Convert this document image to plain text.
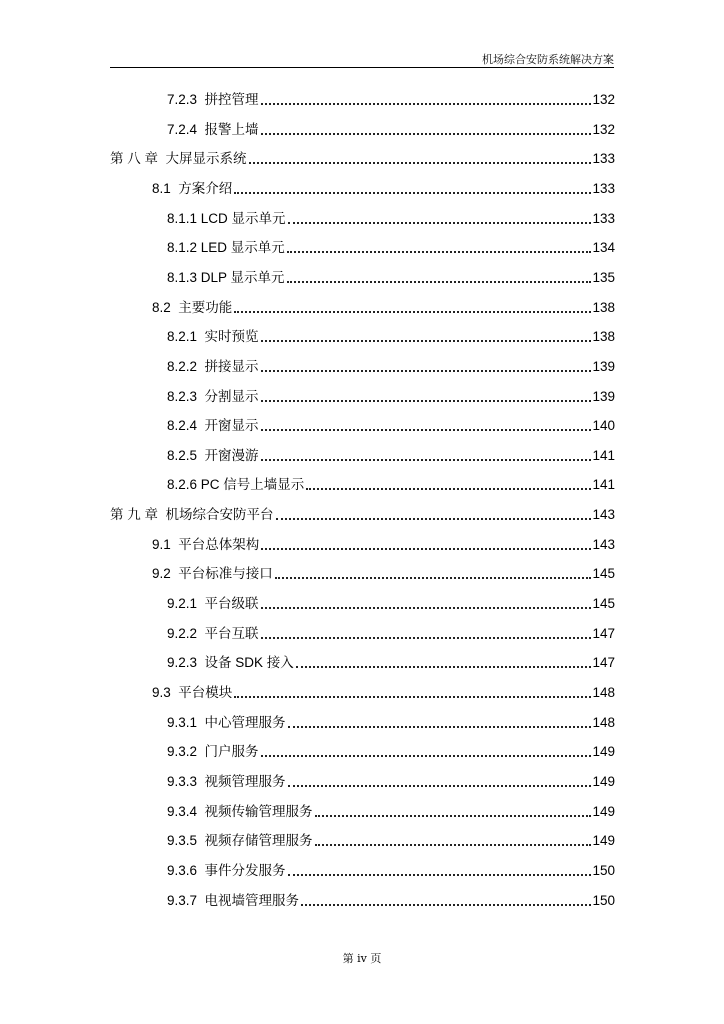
机场综合安防系统解决方案
7.2.3  拼控管理	132
7.2.4  报警上墙	132
第 八 章  大屏显示系统	133
8.1  方案介绍	133
8.1.1 LCD 显示单元	133
8.1.2 LED 显示单元	134
8.1.3 DLP 显示单元	135
8.2  主要功能	138
8.2.1  实时预览	138
8.2.2  拼接显示	139
8.2.3  分割显示	139
8.2.4  开窗显示	140
8.2.5  开窗漫游	141
8.2.6 PC 信号上墙显示	141
第 九 章  机场综合安防平台	143
9.1  平台总体架构	143
9.2  平台标准与接口	145
9.2.1  平台级联	145
9.2.2  平台互联	147
9.2.3  设备 SDK 接入	147
9.3  平台模块	148
9.3.1  中心管理服务	148
9.3.2  门户服务	149
9.3.3  视频管理服务	149
9.3.4  视频传输管理服务	149
9.3.5  视频存储管理服务	149
9.3.6  事件分发服务	150
9.3.7  电视墙管理服务	150
第 iv 页
